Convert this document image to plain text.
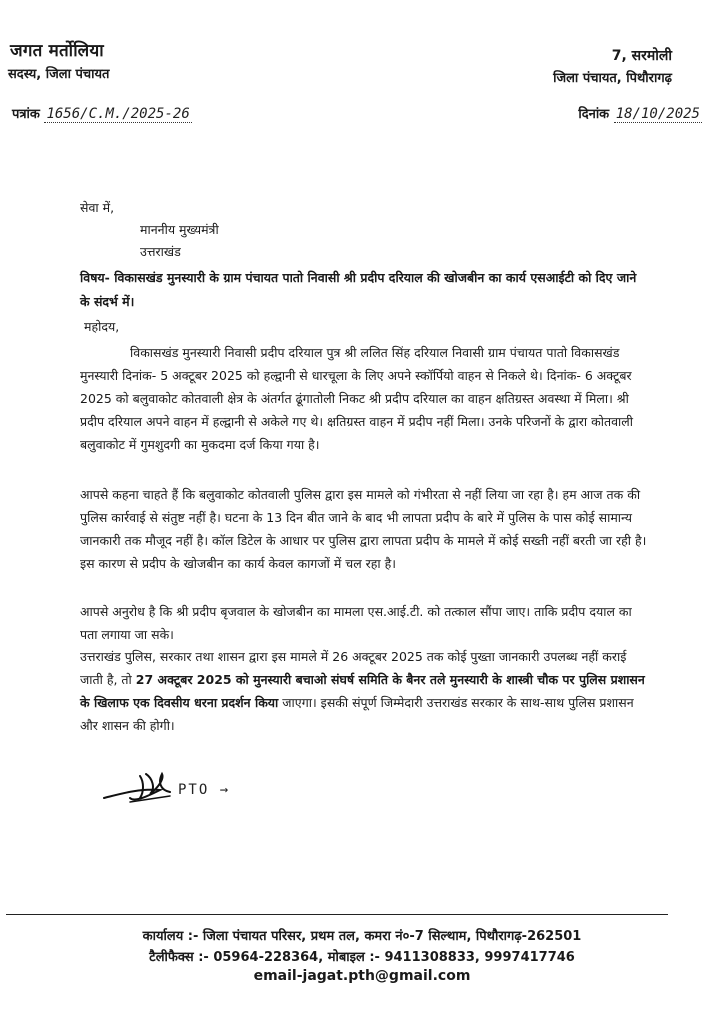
जगत मर्तोलिया
सदस्य, जिला पंचायत
7, सरमोली
जिला पंचायत, पिथौरागढ़
पत्रांक 1656/C.M./2025-26	दिनांक 18/10/2025
सेवा में,
माननीय मुख्यमंत्री
उत्तराखंड
विषय- विकासखंड मुनस्यारी के ग्राम पंचायत पातो निवासी श्री प्रदीप दरियाल की खोजबीन का कार्य एसआईटी को दिए जाने के संदर्भ में।
महोदय,
विकासखंड मुनस्यारी निवासी प्रदीप दरियाल पुत्र श्री ललित सिंह दरियाल निवासी ग्राम पंचायत पातो विकासखंड मुनस्यारी दिनांक- 5 अक्टूबर 2025 को हल्द्वानी से धारचूला के लिए अपने स्कॉर्पियो वाहन से निकले थे। दिनांक- 6 अक्टूबर 2025 को बलुवाकोट कोतवाली क्षेत्र के अंतर्गत ढूंगातोली निकट श्री प्रदीप दरियाल का वाहन क्षतिग्रस्त अवस्था में मिला। श्री प्रदीप दरियाल अपने वाहन में हल्द्वानी से अकेले गए थे। क्षतिग्रस्त वाहन में प्रदीप नहीं मिला। उनके परिजनों के द्वारा कोतवाली बलुवाकोट में गुमशुदगी का मुकदमा दर्ज किया गया है।
आपसे कहना चाहते हैं कि बलुवाकोट कोतवाली पुलिस द्वारा इस मामले को गंभीरता से नहीं लिया जा रहा है। हम आज तक की पुलिस कार्रवाई से संतुष्ट नहीं है। घटना के 13 दिन बीत जाने के बाद भी लापता प्रदीप के बारे में पुलिस के पास कोई सामान्य जानकारी तक मौजूद नहीं है। कॉल डिटेल के आधार पर पुलिस द्वारा लापता प्रदीप के मामले में कोई सख्ती नहीं बरती जा रही है। इस कारण से प्रदीप के खोजबीन का कार्य केवल कागजों में चल रहा है।
आपसे अनुरोध है कि श्री प्रदीप बृजवाल के खोजबीन का मामला एस.आई.टी. को तत्काल सौंपा जाए। ताकि प्रदीप दयाल का पता लगाया जा सके।
उत्तराखंड पुलिस, सरकार तथा शासन द्वारा इस मामले में 26 अक्टूबर 2025 तक कोई पुख्ता जानकारी उपलब्ध नहीं कराई जाती है, तो 27 अक्टूबर 2025 को मुनस्यारी बचाओ संघर्ष समिति के बैनर तले मुनस्यारी के शास्त्री चौक पर पुलिस प्रशासन के खिलाफ एक दिवसीय धरना प्रदर्शन किया जाएगा। इसकी संपूर्ण जिम्मेदारी उत्तराखंड सरकार के साथ-साथ पुलिस प्रशासन और शासन की होगी।
PTO →
कार्यालय :- जिला पंचायत परिसर, प्रथम तल, कमरा नं०-7 सिल्थाम, पिथौरागढ़-262501
टैलीफैक्स :- 05964-228364, मोबाइल :- 9411308833, 9997417746
email-jagat.pth@gmail.com
